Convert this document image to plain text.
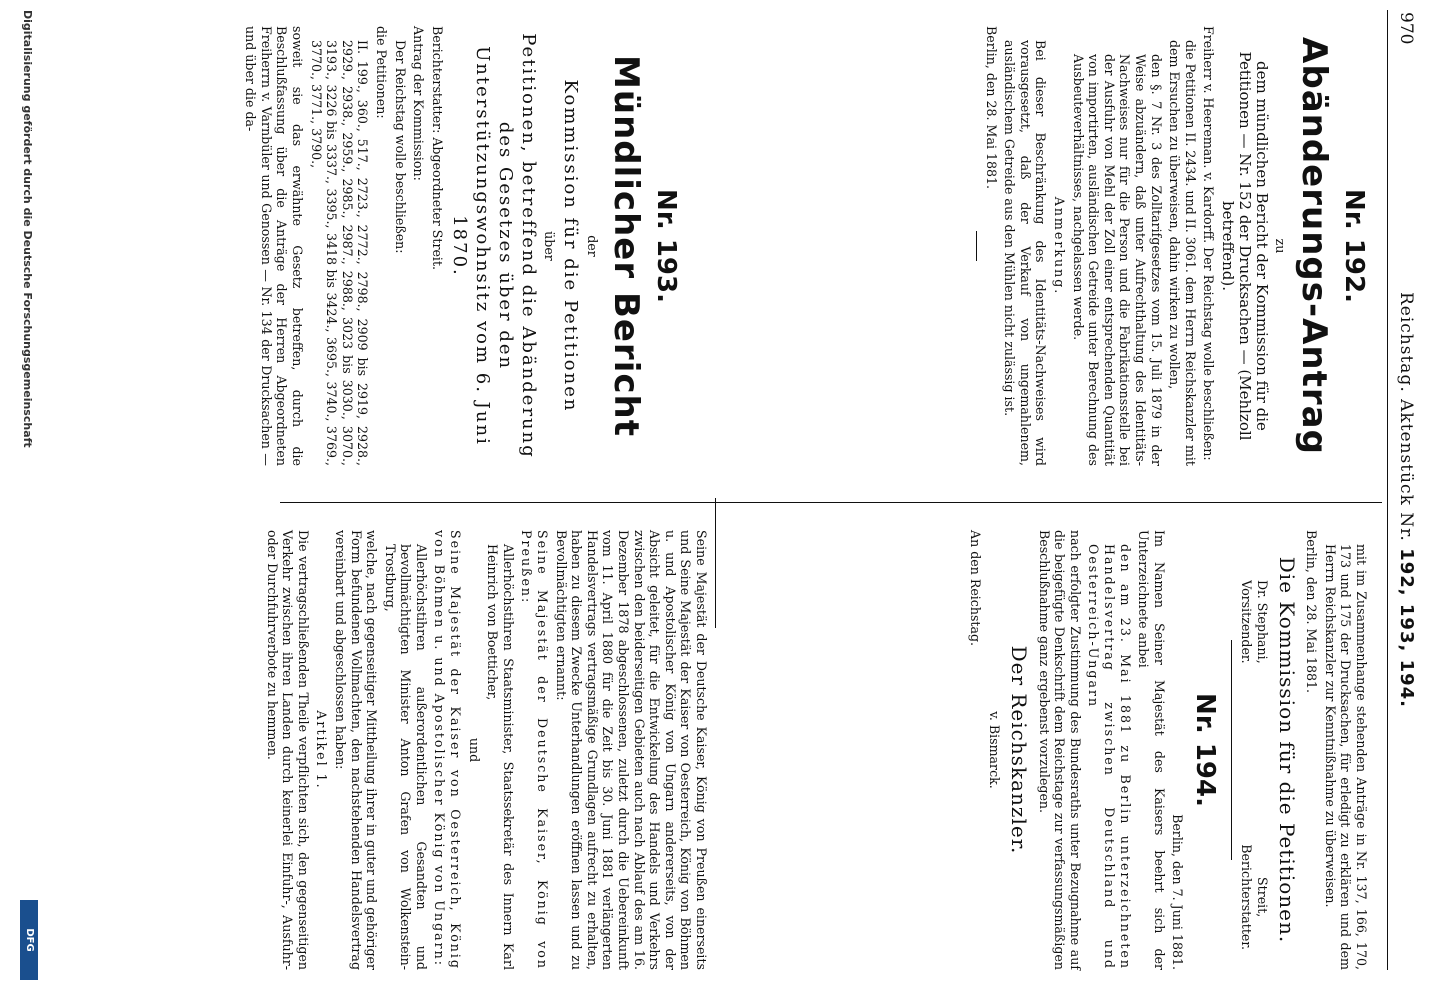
970
Reichstag. Aktenstück Nr. 192, 193, 194.
Nr. 192.
Abänderungs-Antrag
zu
dem mündlichen Bericht der Kommission für die Petitionen — Nr. 152 der Drucksachen — (Mehlzoll betreffend).
Freiherr v. Heereman. v. Kardorff. Der Reichstag wolle beschließen:
die Petitionen II. 2434. und II. 3061. dem Herrn Reichskanzler mit dem Ersuchen zu überweisen, dahin wirken zu wollen,
den §. 7 Nr. 3 des Zolltarifgesetzes vom 15. Juli 1879 in der Weise abzuändern, daß unter Aufrechthaltung des Identitäts-Nachweises nur für die Person und die Fabrikationsstelle bei der Ausfuhr von Mehl der Zoll einer entsprechenden Quantität von importirten, ausländischen Getreide unter Berechnung des Ausbeuteverhältnisses, nachgelassen werde.
Anmerkung.
Bei dieser Beschränkung des Identitäts-Nachweises wird vorausgesetzt, daß der Verkauf von ungemahlenem, ausländischem Getreide aus den Mühlen nicht zulässig ist.
Berlin, den 28. Mai 1881.
mit im Zusammenhange stehenden Anträge in Nr. 137, 166, 170, 173 und 175 der Drucksachen, für erledigt zu erklären und dem Herrn Reichskanzler zur Kenntnißnahme zu überweisen.
Berlin, den 28. Mai 1881.
Die Kommission für die Petitionen.
Dr. Stephani,
Vorsitzender.
Streit,
Berichterstatter.
Nr. 194.
Berlin, den 7. Juni 1881.
Im Namen Seiner Majestät des Kaisers beehrt sich der Unterzeichnete anbei
den am 23. Mai 1881 zu Berlin unterzeichneten Handelsvertrag zwischen Deutschland und Oesterreich-Ungarn
nach erfolgter Zustimmung des Bundesraths unter Bezugnahme auf die beigefügte Denkschrift dem Reichstage zur verfassungsmäßigen Beschlußnahme ganz ergebenst vorzulegen.
Der Reichskanzler.
v. Bismarck.
An den Reichstag.
Nr. 193.
Mündlicher Bericht
der
Kommission für die Petitionen
über
Petitionen, betreffend die Abänderung des Gesetzes über den Unterstützungswohnsitz vom 6. Juni 1870.
Berichterstatter: Abgeordneter Streit.
Antrag der Kommission:
Der Reichstag wolle beschließen:
die Petitionen:
II. 199., 360., 517., 2723., 2772., 2798., 2909 bis 2919, 2928., 2929., 2938., 2959., 2985., 2987., 2988., 3023 bis 3030., 3070., 3193., 3226 bis 3337., 3395., 3418 bis 3424., 3695., 3740., 3769., 3770., 3771., 3790.,
soweit sie das erwähnte Gesetz betreffen, durch die Beschlußfassung über die Anträge der Herren Abgeordneten Freiherrn v. Varnbüler und Genossen — Nr. 134 der Drucksachen — und über die da-
Seine Majestät der Deutsche Kaiser, König von Preußen einerseits und Seine Majestät der Kaiser von Oesterreich, König von Böhmen u. und Apostolischer König von Ungarn andererseits, von der Absicht geleitet, für die Entwickelung des Handels und Verkehrs zwischen den beiderseitigen Gebieten auch nach Ablauf des am 16. Dezember 1878 abgeschlossenen, zuletzt durch die Uebereinkunft vom 11. April 1880 für die Zeit bis 30. Juni 1881 verlängerten Handelsvertrags vertragsmäßige Grundlagen aufrecht zu erhalten, haben zu diesem Zwecke Unterhandlungen eröffnen lassen und zu Bevollmächtigten ernannt:
Seine Majestät der Deutsche Kaiser, König von Preußen:
Allerhöchstihren Staatsminister, Staatssekretär des Innern Karl Heinrich von Boetticher,
und
Seine Majestät der Kaiser von Oesterreich, König von Böhmen u. und Apostolischer König von Ungarn:
Allerhöchstihren außerordentlichen Gesandten und bevollmächtigten Minister Anton Grafen von Wolkenstein-Trostburg,
welche, nach gegenseitiger Mittheilung ihrer in guter und gehöriger Form befundenen Vollmachten, den nachstehenden Handelsvertrag vereinbart und abgeschlossen haben:
Artikel 1.
Die vertragschließenden Theile verpflichten sich, den gegenseitigen Verkehr zwischen ihren Landen durch keinerlei Einfuhr-, Ausfuhr- oder Durchfuhrverbote zu hemmen.
Digitalisierung gefördert durch die Deutsche Forschungsgemeinschaft
DFG
